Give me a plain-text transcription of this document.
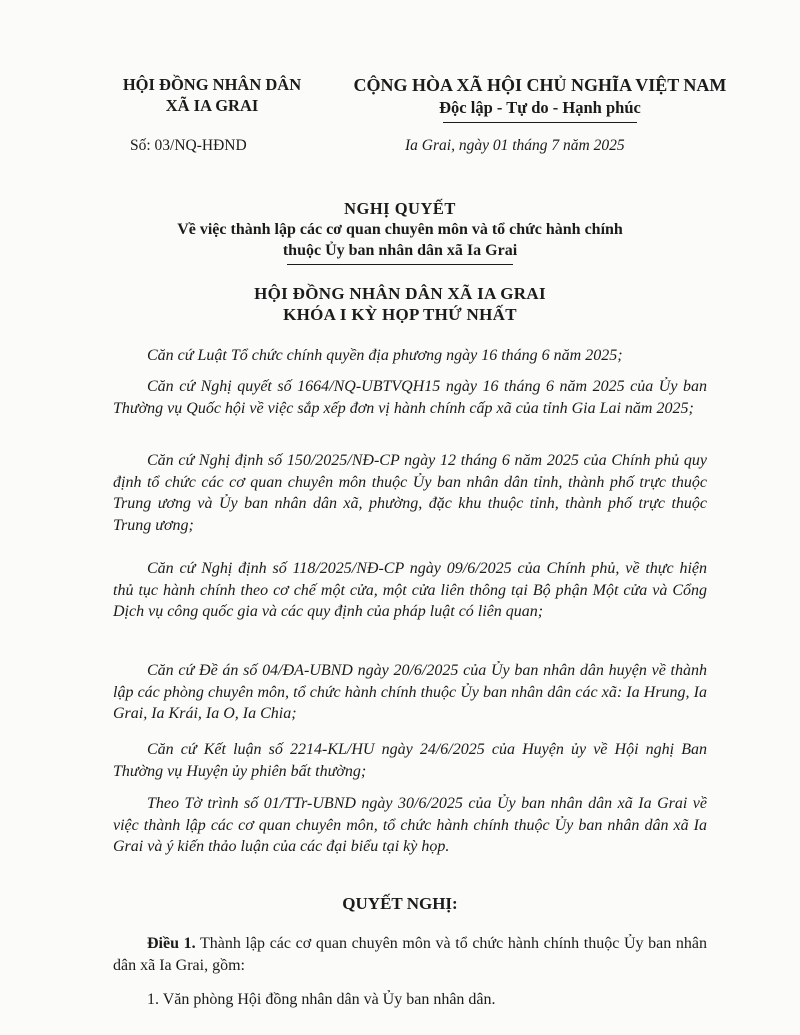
HỘI ĐỒNG NHÂN DÂN
XÃ IA GRAI
CỘNG HÒA XÃ HỘI CHỦ NGHĨA VIỆT NAM
Độc lập - Tự do - Hạnh phúc
Số: 03/NQ-HĐND	Ia Grai, ngày 01 tháng 7 năm 2025
NGHỊ QUYẾT
Về việc thành lập các cơ quan chuyên môn và tổ chức hành chính
thuộc Ủy ban nhân dân xã Ia Grai
HỘI ĐỒNG NHÂN DÂN XÃ IA GRAI
KHÓA I KỲ HỌP THỨ NHẤT
Căn cứ Luật Tổ chức chính quyền địa phương ngày 16 tháng 6 năm 2025;
Căn cứ Nghị quyết số 1664/NQ-UBTVQH15 ngày 16 tháng 6 năm 2025 của Ủy ban Thường vụ Quốc hội về việc sắp xếp đơn vị hành chính cấp xã của tỉnh Gia Lai năm 2025;
Căn cứ Nghị định số 150/2025/NĐ-CP ngày 12 tháng 6 năm 2025 của Chính phủ quy định tổ chức các cơ quan chuyên môn thuộc Ủy ban nhân dân tỉnh, thành phố trực thuộc Trung ương và Ủy ban nhân dân xã, phường, đặc khu thuộc tỉnh, thành phố trực thuộc Trung ương;
Căn cứ Nghị định số 118/2025/NĐ-CP ngày 09/6/2025 của Chính phủ, về thực hiện thủ tục hành chính theo cơ chế một cửa, một cửa liên thông tại Bộ phận Một cửa và Cổng Dịch vụ công quốc gia và các quy định của pháp luật có liên quan;
Căn cứ Đề án số 04/ĐA-UBND ngày 20/6/2025 của Ủy ban nhân dân huyện về thành lập các phòng chuyên môn, tổ chức hành chính thuộc Ủy ban nhân dân các xã: Ia Hrung, Ia Grai, Ia Krái, Ia O, Ia Chia;
Căn cứ Kết luận số 2214-KL/HU ngày 24/6/2025 của Huyện ủy về Hội nghị Ban Thường vụ Huyện ủy phiên bất thường;
Theo Tờ trình số 01/TTr-UBND ngày 30/6/2025 của Ủy ban nhân dân xã Ia Grai về việc thành lập các cơ quan chuyên môn, tổ chức hành chính thuộc Ủy ban nhân dân xã Ia Grai và ý kiến thảo luận của các đại biểu tại kỳ họp.
QUYẾT NGHỊ:
Điều 1. Thành lập các cơ quan chuyên môn và tổ chức hành chính thuộc Ủy ban nhân dân xã Ia Grai, gồm:
1. Văn phòng Hội đồng nhân dân và Ủy ban nhân dân.
